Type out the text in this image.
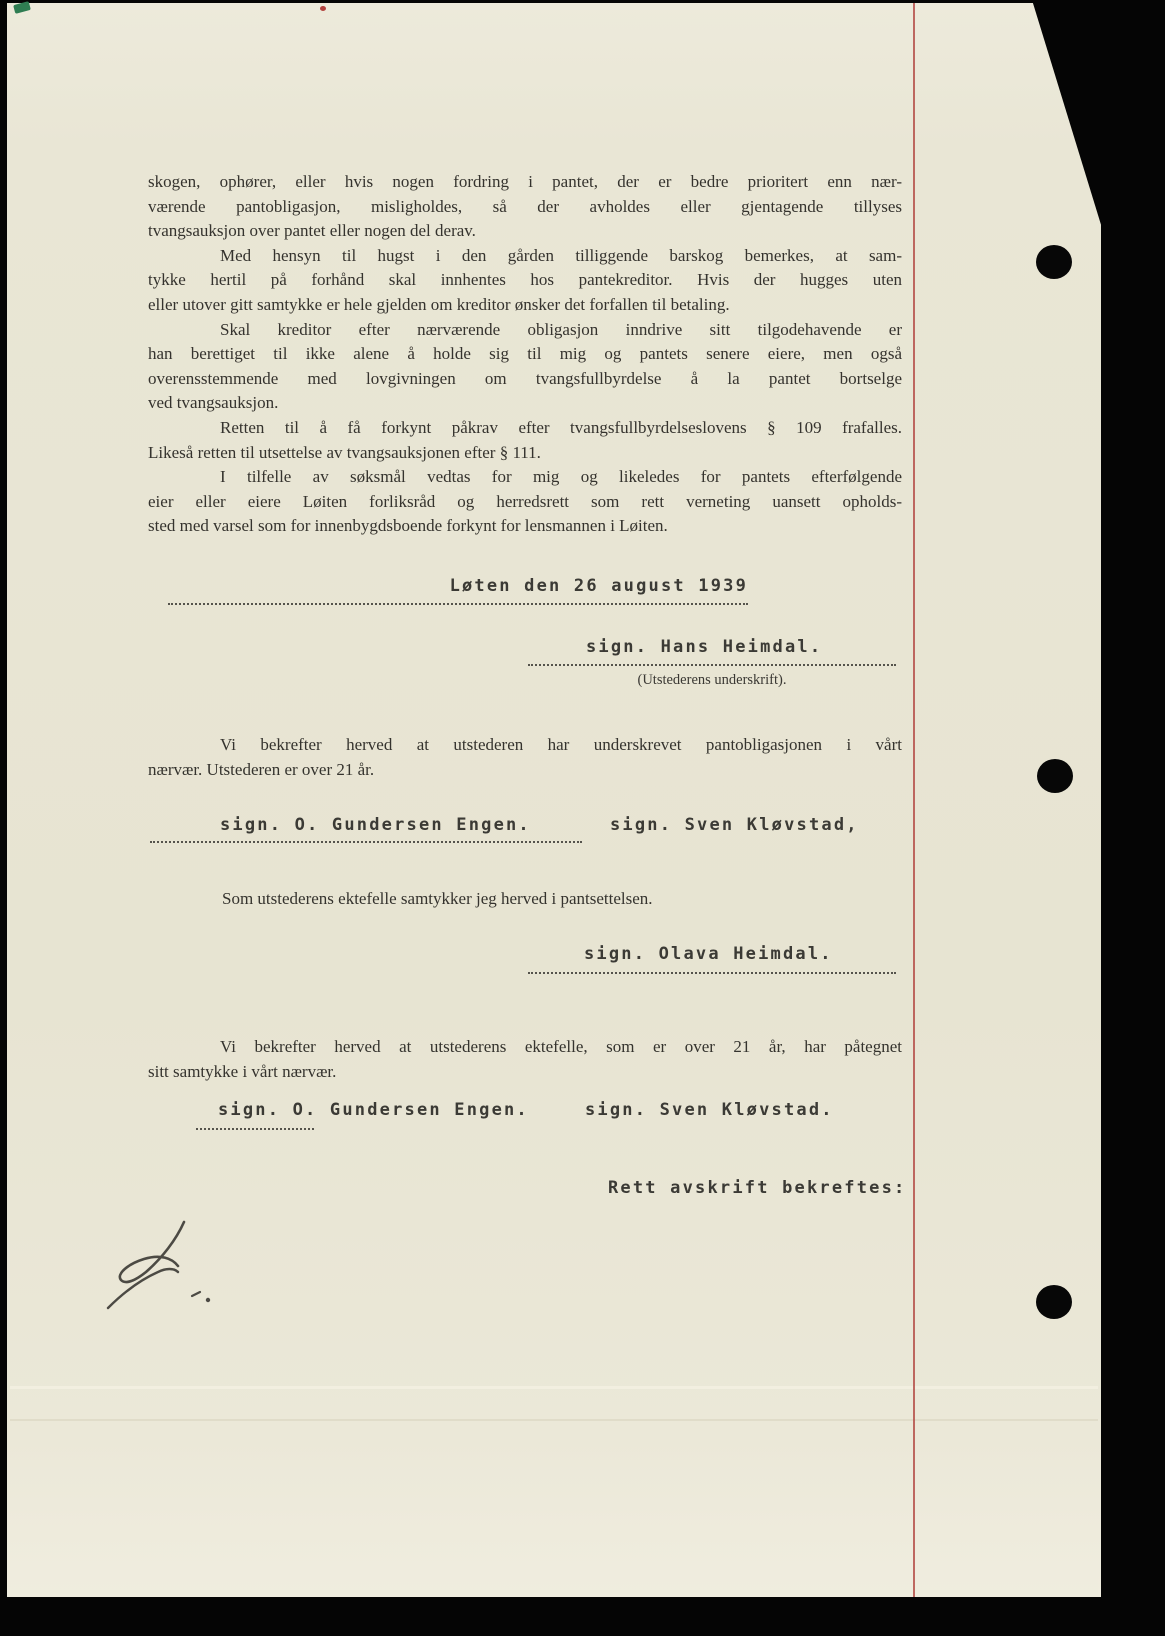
skogen, ophører, eller hvis nogen fordring i pantet, der er bedre prioritert enn nær-
værende pantobligasjon, misligholdes, så der avholdes eller gjentagende tillyses
tvangsauksjon over pantet eller nogen del derav.
Med hensyn til hugst i den gården tilliggende barskog bemerkes, at sam-
tykke hertil på forhånd skal innhentes hos pantekreditor. Hvis der hugges uten
eller utover gitt samtykke er hele gjelden om kreditor ønsker det forfallen til betaling.
Skal kreditor efter nærværende obligasjon inndrive sitt tilgodehavende er
han berettiget til ikke alene å holde sig til mig og pantets senere eiere, men også
overensstemmende med lovgivningen om tvangsfullbyrdelse å la pantet bortselge
ved tvangsauksjon.
Retten til å få forkynt påkrav efter tvangsfullbyrdelseslovens § 109 frafalles.
Likeså retten til utsettelse av tvangsauksjonen efter § 111.
I tilfelle av søksmål vedtas for mig og likeledes for pantets efterfølgende
eier eller eiere Løiten forliksråd og herredsrett som rett verneting uansett opholds-
sted med varsel som for innenbygdsboende forkynt for lensmannen i Løiten.
Løten den 26 august 1939
sign. Hans Heimdal.
(Utstederens underskrift).
Vi bekrefter herved at utstederen har underskrevet pantobligasjonen i vårt
nærvær. Utstederen er over 21 år.
sign. O. Gundersen Engen.	sign. Sven Kløvstad,
Som utstederens ektefelle samtykker jeg herved i pantsettelsen.
sign. Olava Heimdal.
Vi bekrefter herved at utstederens ektefelle, som er over 21 år, har påtegnet
sitt samtykke i vårt nærvær.
sign. O. Gundersen Engen.	sign. Sven Kløvstad.
Rett avskrift bekreftes:
